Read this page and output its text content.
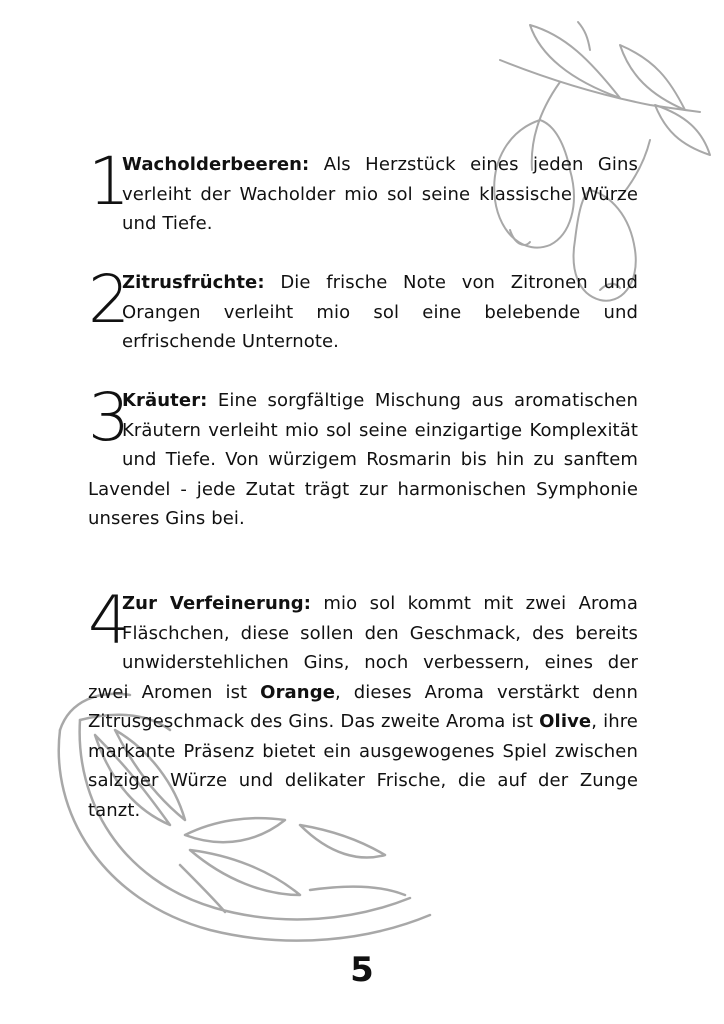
1

Wacholderbeeren: Als Herzstück eines jeden Gins verleiht der Wacholder mio sol seine klassische Würze und Tiefe.

2

Zitrusfrüchte: Die frische Note von Zitronen und Orangen verleiht mio sol eine belebende und erfrischende Unternote.

3

Kräuter: Eine sorgfältige Mischung aus aromatischen Kräutern verleiht mio sol seine einzigartige Komplexität und Tiefe. Von würzigem Rosmarin bis hin zu sanftem Lavendel - jede Zutat trägt zur harmonischen Symphonie unseres Gins bei.

4

Zur Verfeinerung: mio sol kommt mit zwei Aroma Fläschchen, diese sollen den Geschmack, des bereits unwiderstehlichen Gins, noch verbessern, eines der zwei Aromen ist Orange, dieses Aroma verstärkt denn Zitrusgeschmack des Gins. Das zweite Aroma ist Olive, ihre markante Präsenz bietet ein ausgewogenes Spiel zwischen salziger Würze und delikater Frische, die auf der Zunge tanzt.

5
